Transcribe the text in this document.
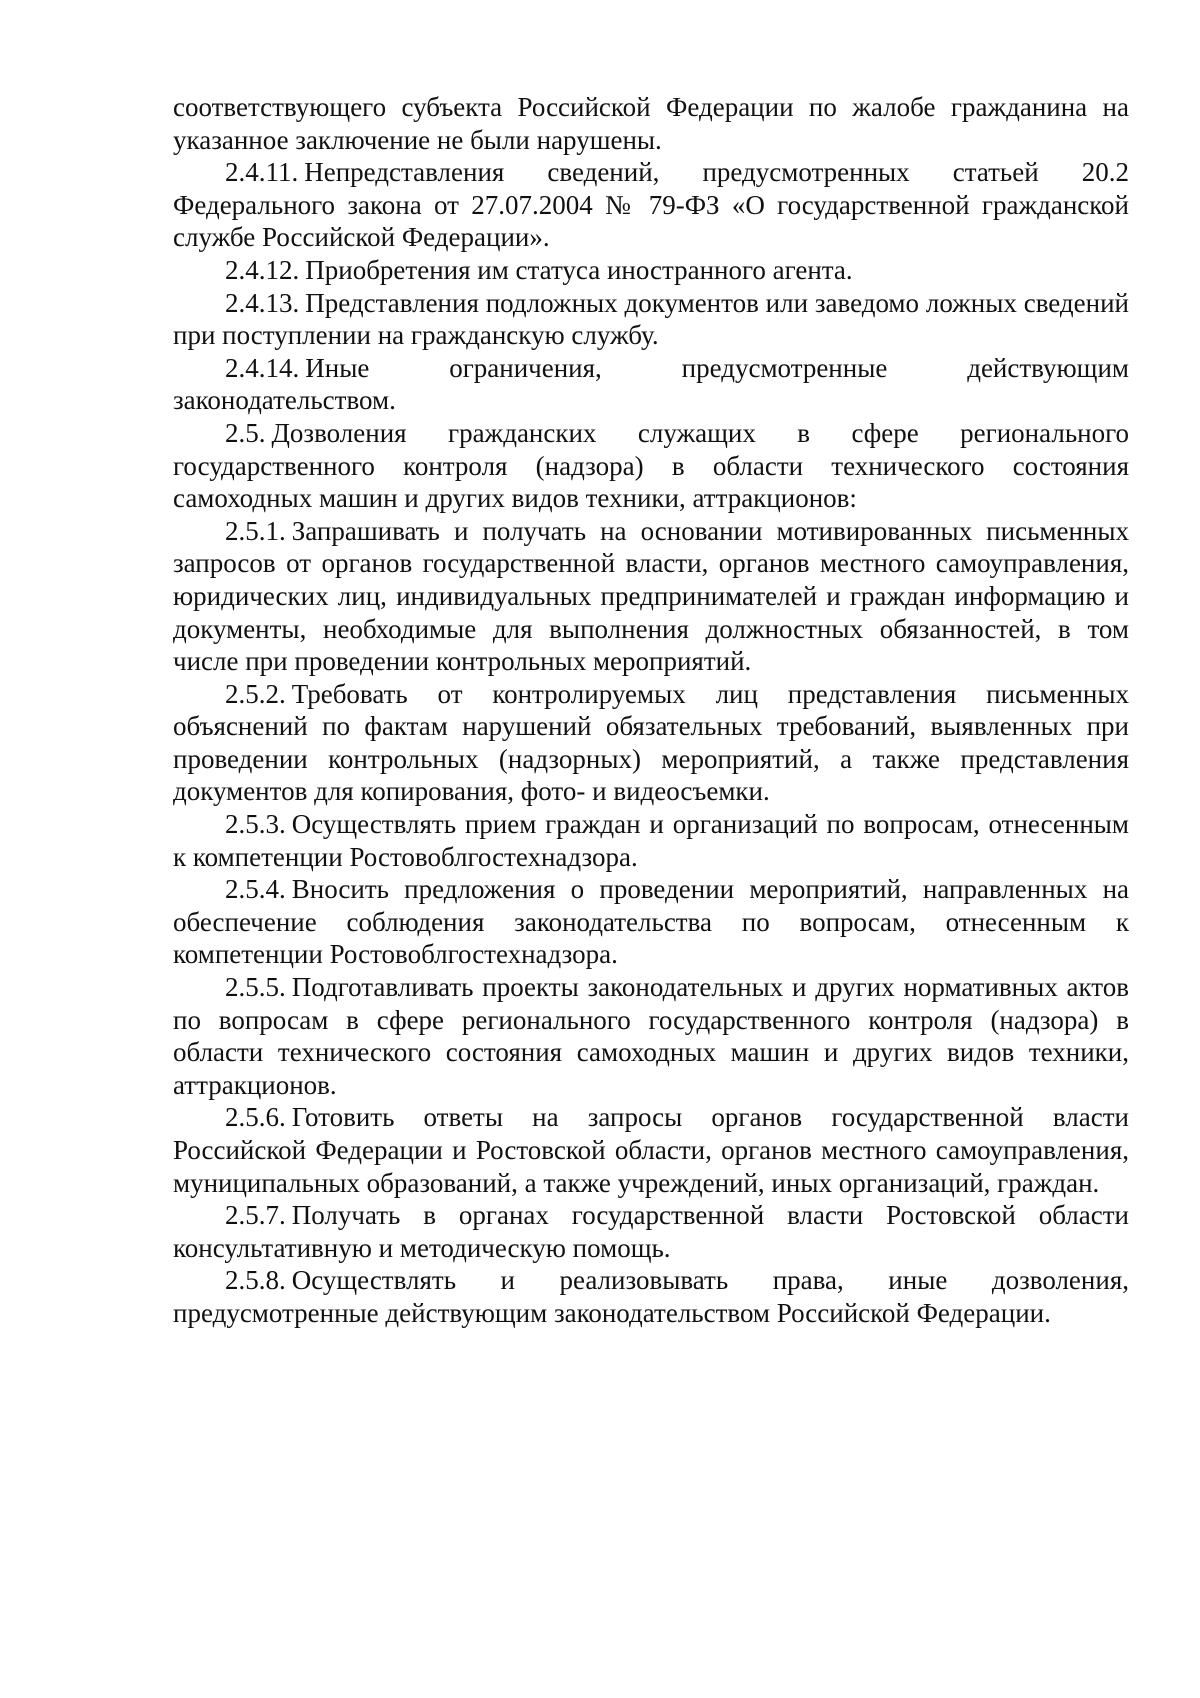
соответствующего субъекта Российской Федерации по жалобе гражданина на указанное заключение не были нарушены.

2.4.11. Непредставления сведений, предусмотренных статьей 20.2 Федерального закона от 27.07.2004 № 79-ФЗ «О государственной гражданской службе Российской Федерации».

2.4.12. Приобретения им статуса иностранного агента.

2.4.13. Представления подложных документов или заведомо ложных сведений при поступлении на гражданскую службу.

2.4.14. Иные ограничения, предусмотренные действующим законодательством.

2.5. Дозволения гражданских служащих в сфере регионального государственного контроля (надзора) в области технического состояния самоходных машин и других видов техники, аттракционов:

2.5.1. Запрашивать и получать на основании мотивированных письменных запросов от органов государственной власти, органов местного самоуправления, юридических лиц, индивидуальных предпринимателей и граждан информацию и документы, необходимые для выполнения должностных обязанностей, в том числе при проведении контрольных мероприятий.

2.5.2. Требовать от контролируемых лиц представления письменных объяснений по фактам нарушений обязательных требований, выявленных при проведении контрольных (надзорных) мероприятий, а также представления документов для копирования, фото- и видеосъемки.

2.5.3. Осуществлять прием граждан и организаций по вопросам, отнесенным к компетенции Ростовоблгостехнадзора.

2.5.4. Вносить предложения о проведении мероприятий, направленных на обеспечение соблюдения законодательства по вопросам, отнесенным к компетенции Ростовоблгостехнадзора.

2.5.5. Подготавливать проекты законодательных и других нормативных актов по вопросам в сфере регионального государственного контроля (надзора) в области технического состояния самоходных машин и других видов техники, аттракционов.

2.5.6. Готовить ответы на запросы органов государственной власти Российской Федерации и Ростовской области, органов местного самоуправления, муниципальных образований, а также учреждений, иных организаций, граждан.

2.5.7. Получать в органах государственной власти Ростовской области консультативную и методическую помощь.

2.5.8. Осуществлять и реализовывать права, иные дозволения, предусмотренные действующим законодательством Российской Федерации.
